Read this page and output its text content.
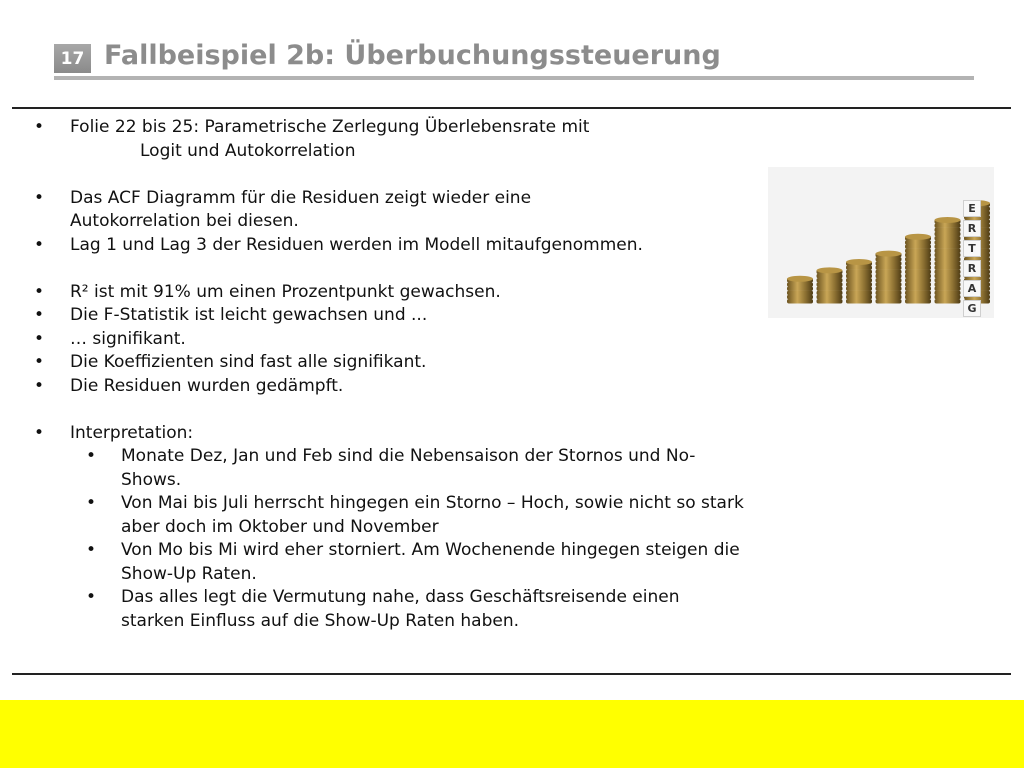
17 Fallbeispiel 2b: Überbuchungssteuerung
•	Folie 22 bis 25: Parametrische Zerlegung Überlebensrate mit
Logit und Autokorrelation
•	Das ACF Diagramm für die Residuen zeigt wieder eine Autokorrelation bei diesen.
•	Lag 1 und Lag 3 der Residuen werden im Modell mitaufgenommen.
•	R² ist mit 91% um einen Prozentpunkt gewachsen.
•	Die F-Statistik ist leicht gewachsen und ...
•	… signifikant.
•	Die Koeffizienten sind fast alle signifikant.
•	Die Residuen wurden gedämpft.
•	Interpretation:
•	Monate Dez, Jan und Feb sind die Nebensaison der Stornos und No-Shows.
•	Von Mai bis Juli herrscht hingegen ein Storno – Hoch, sowie nicht so stark aber doch im Oktober und November
•	Von Mo bis Mi wird eher storniert. Am Wochenende hingegen steigen die Show-Up Raten.
•	Das alles legt die Vermutung nahe, dass Geschäftsreisende einen starken Einfluss auf die Show-Up Raten haben.
E
R
T
R
A
G
